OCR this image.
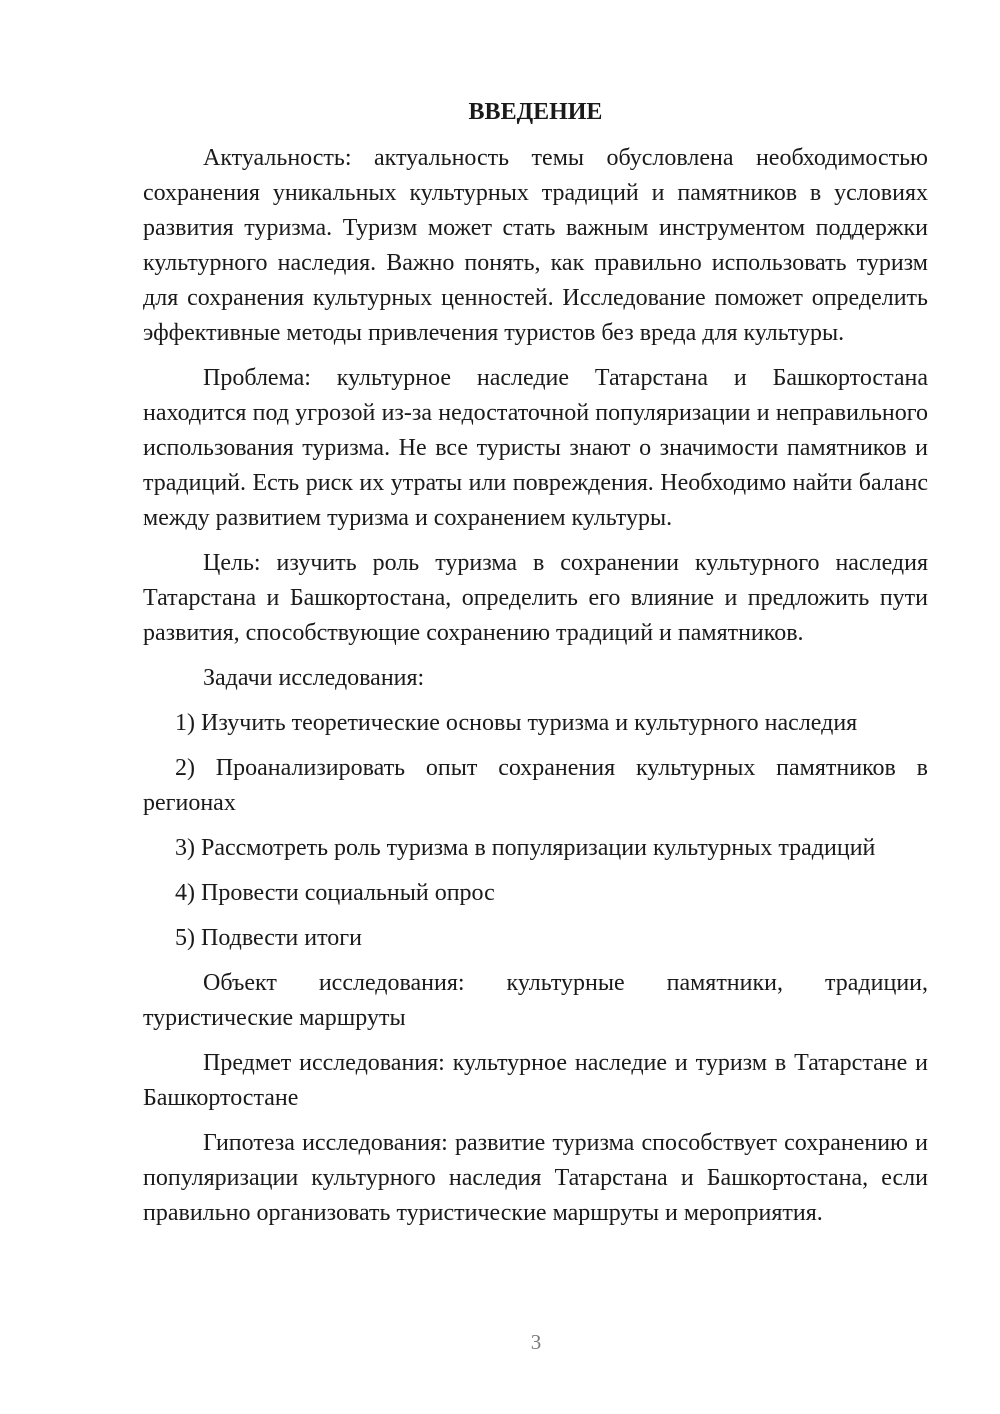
ВВЕДЕНИЕ

Актуальность: актуальность темы обусловлена необходимостью сохранения уникальных культурных традиций и памятников в условиях развития туризма. Туризм может стать важным инструментом поддержки культурного наследия. Важно понять, как правильно использовать туризм для сохранения культурных ценностей. Исследование поможет определить эффективные методы привлечения туристов без вреда для культуры.

Проблема: культурное наследие Татарстана и Башкортостана находится под угрозой из-за недостаточной популяризации и неправильного использования туризма. Не все туристы знают о значимости памятников и традиций. Есть риск их утраты или повреждения. Необходимо найти баланс между развитием туризма и сохранением культуры.

Цель: изучить роль туризма в сохранении культурного наследия Татарстана и Башкортостана, определить его влияние и предложить пути развития, способствующие сохранению традиций и памятников.

Задачи исследования:

1) Изучить теоретические основы туризма и культурного наследия

2) Проанализировать опыт сохранения культурных памятников в регионах

3) Рассмотреть роль туризма в популяризации культурных традиций

4) Провести социальный опрос

5) Подвести итоги

Объект исследования: культурные памятники, традиции, туристические маршруты

Предмет исследования: культурное наследие и туризм в Татарстане и Башкортостане

Гипотеза исследования: развитие туризма способствует сохранению и популяризации культурного наследия Татарстана и Башкортостана, если правильно организовать туристические маршруты и мероприятия.

3
